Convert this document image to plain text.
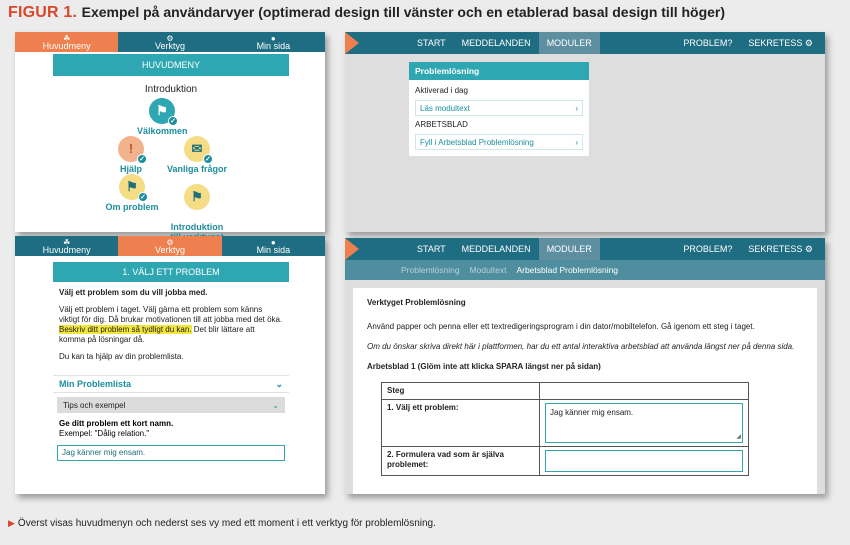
FIGUR 1. Exempel på användarvyer (optimerad design till vänster och en etablerad basal design till höger)
☘
Huvudmeny
⚙
Verktyg
●
Min sida
HUVUDMENY
Introduktion
⚑
✓
Välkommen
!
✓
Hjälp
✉
✓
Vanliga frågor
⚑
✓
Om problem

⚑

Introduktion

☘
Huvudmeny
⚙
Verktyg
●
Min sida
1. VÄLJ ETT PROBLEM

Välj ett problem som du vill jobba med.

Välj ett problem i taget. Välj gärna ett problem som känns viktigt för dig. Då brukar motivationen till att jobba med det öka. Beskriv ditt problem så tydligt du kan. Det blir lättare att komma på lösningar då.

Du kan ta hjälp av din problemlista.

Min Problemlista	⌄
Tips och exempel	⌄
Ge ditt problem ett kort namn.
Exempel: "Dålig relation."
Jag känner mig ensam.
START	MEDDELANDEN	MODULER	PROBLEM?	SEKRETESS ⚙
Problemlösning
Aktiverad i dag
Läs modultext	›
ARBETSBLAD
Fyll i Arbetsblad Problemlösning	›
START	MEDDELANDEN	MODULER	PROBLEM?	SEKRETESS ⚙
Problemlösning Modultext Arbetsblad Problemlösning
Verktyget Problemlösning

Använd papper och penna eller ett textredigeringsprogram i din dator/mobiltelefon. Gå igenom ett steg i taget.

Om du önskar skriva direkt här i plattformen, har du ett antal interaktiva arbetsblad att använda längst ner på denna sida.

Arbetsblad 1 (Glöm inte att klicka SPARA längst ner på sidan)

Steg	
1. Välj ett problem:	Jag känner mig ensam.
◢

2. Formulera vad som är själva problemet:	
▶ Överst visas huvudmenyn och nederst ses vy med ett moment i ett verktyg för problemlösning.
